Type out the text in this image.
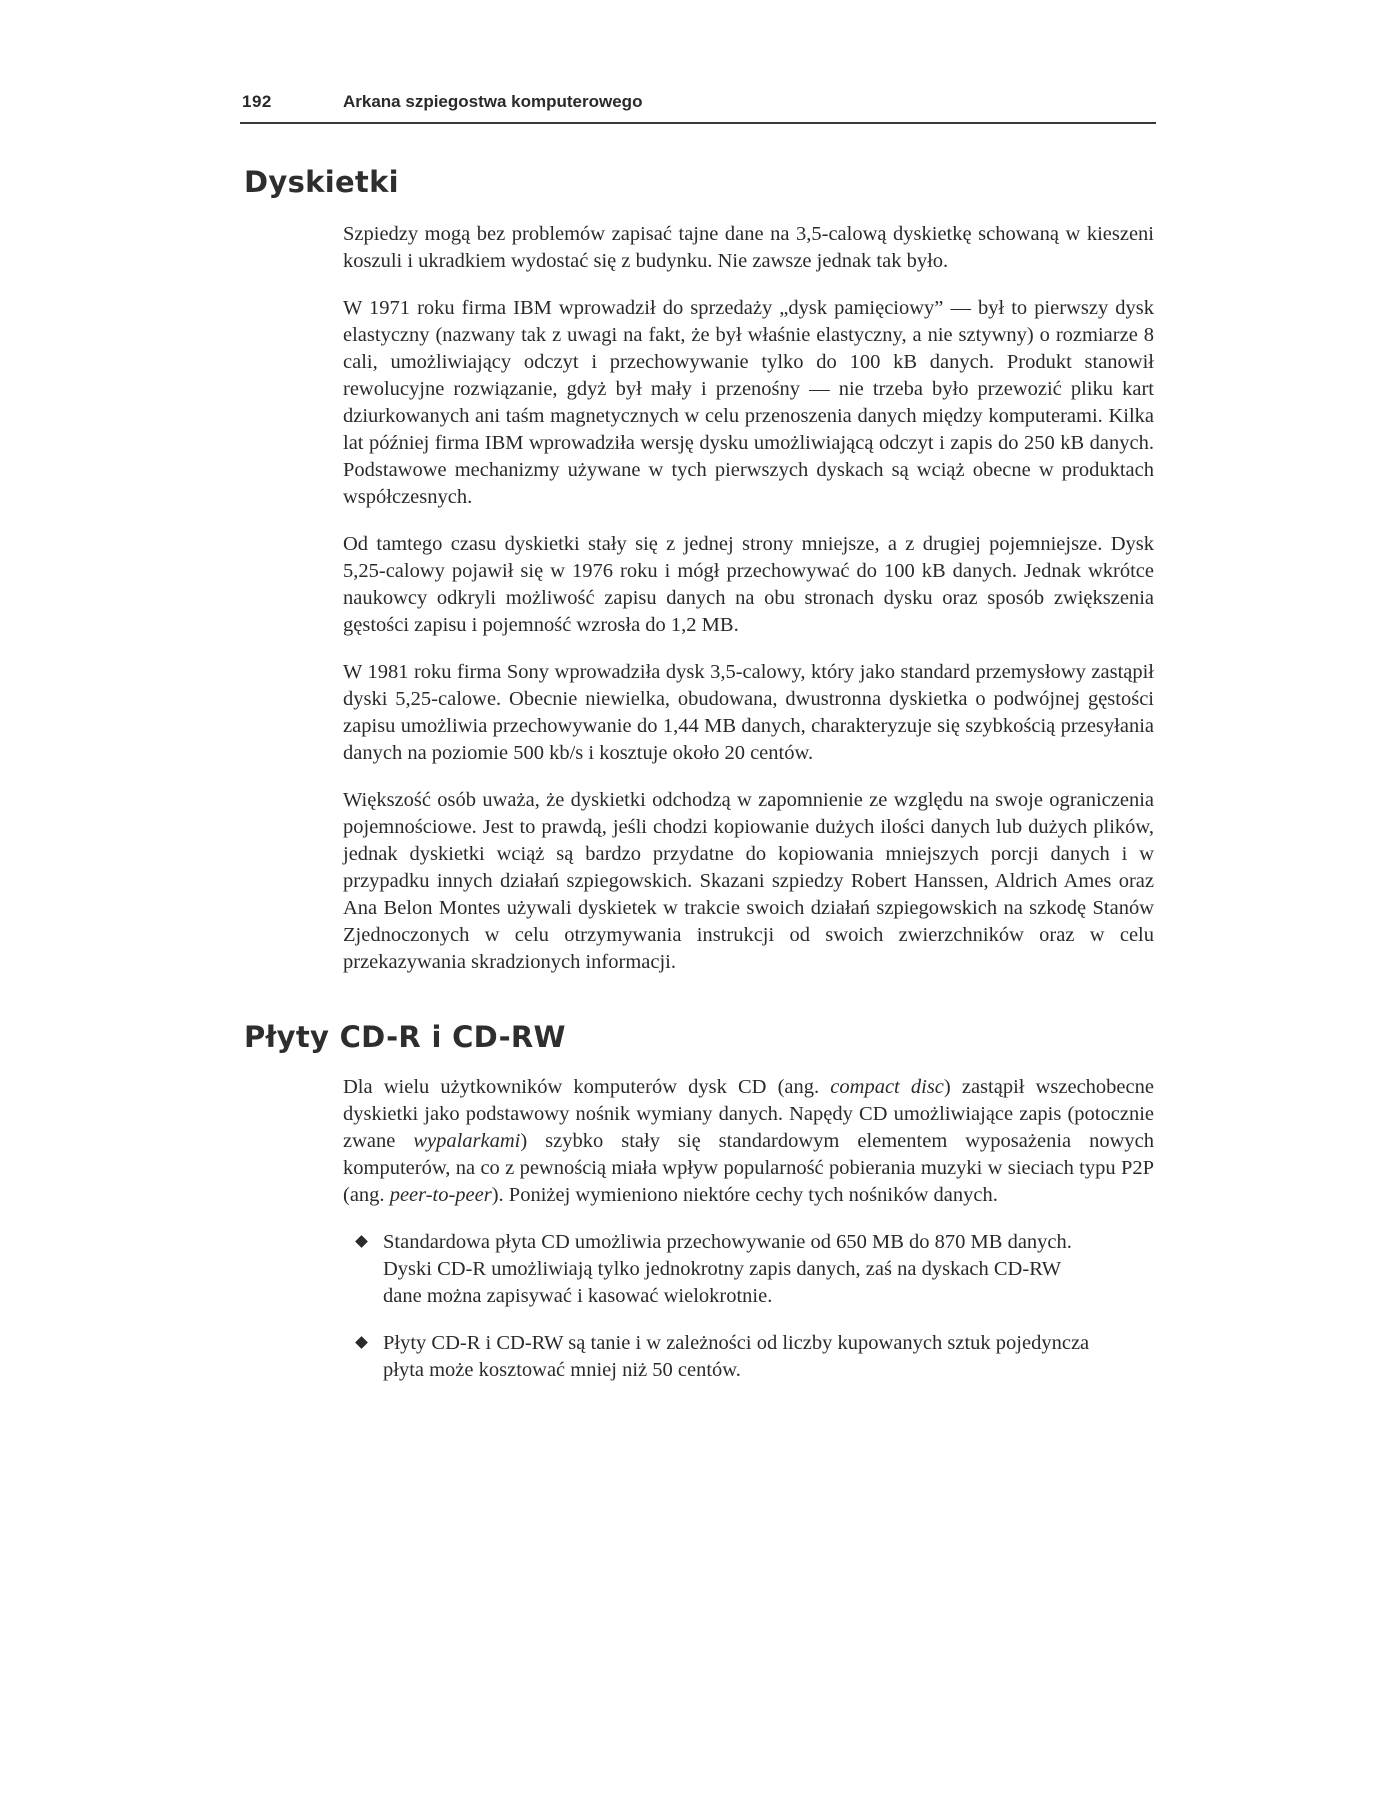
192	Arkana szpiegostwa komputerowego
Dyskietki

Szpiedzy mogą bez problemów zapisać tajne dane na 3,5-calową dyskietkę schowaną w kieszeni koszuli i ukradkiem wydostać się z budynku. Nie zawsze jednak tak było.

W 1971 roku firma IBM wprowadził do sprzedaży „dysk pamięciowy” — był to pierwszy dysk elastyczny (nazwany tak z uwagi na fakt, że był właśnie elastyczny, a nie sztywny) o rozmiarze 8 cali, umożliwiający odczyt i przechowywanie tylko do 100 kB danych. Produkt stanowił rewolucyjne rozwiązanie, gdyż był mały i przenośny — nie trzeba było przewozić pliku kart dziurkowanych ani taśm magnetycznych w celu przenoszenia danych między komputerami. Kilka lat później firma IBM wprowadziła wersję dysku umożliwiającą odczyt i zapis do 250 kB danych. Podstawowe mechanizmy używane w tych pierwszych dyskach są wciąż obecne w produktach współczesnych.

Od tamtego czasu dyskietki stały się z jednej strony mniejsze, a z drugiej pojemniejsze. Dysk 5,25-calowy pojawił się w 1976 roku i mógł przechowywać do 100 kB danych. Jednak wkrótce naukowcy odkryli możliwość zapisu danych na obu stronach dysku oraz sposób zwiększenia gęstości zapisu i pojemność wzrosła do 1,2 MB.

W 1981 roku firma Sony wprowadziła dysk 3,5-calowy, który jako standard przemysłowy zastąpił dyski 5,25-calowe. Obecnie niewielka, obudowana, dwustronna dyskietka o podwójnej gęstości zapisu umożliwia przechowywanie do 1,44 MB danych, charakteryzuje się szybkością przesyłania danych na poziomie 500 kb/s i kosztuje około 20 centów.

Większość osób uważa, że dyskietki odchodzą w zapomnienie ze względu na swoje ograniczenia pojemnościowe. Jest to prawdą, jeśli chodzi kopiowanie dużych ilości danych lub dużych plików, jednak dyskietki wciąż są bardzo przydatne do kopiowania mniejszych porcji danych i w przypadku innych działań szpiegowskich. Skazani szpiedzy Robert Hanssen, Aldrich Ames oraz Ana Belon Montes używali dyskietek w trakcie swoich działań szpiegowskich na szkodę Stanów Zjednoczonych w celu otrzymywania instrukcji od swoich zwierzchników oraz w celu przekazywania skradzionych informacji.

Płyty CD-R i CD-RW

Dla wielu użytkowników komputerów dysk CD (ang. compact disc) zastąpił wszechobecne dyskietki jako podstawowy nośnik wymiany danych. Napędy CD umożliwiające zapis (potocznie zwane wypalarkami) szybko stały się standardowym elementem wyposażenia nowych komputerów, na co z pewnością miała wpływ popularność pobierania muzyki w sieciach typu P2P (ang. peer-to-peer). Poniżej wymieniono niektóre cechy tych nośników danych.

Standardowa płyta CD umożliwia przechowywanie od 650 MB do 870 MB danych. Dyski CD-R umożliwiają tylko jednokrotny zapis danych, zaś na dyskach CD-RW dane można zapisywać i kasować wielokrotnie.
Płyty CD-R i CD-RW są tanie i w zależności od liczby kupowanych sztuk pojedyncza płyta może kosztować mniej niż 50 centów.
